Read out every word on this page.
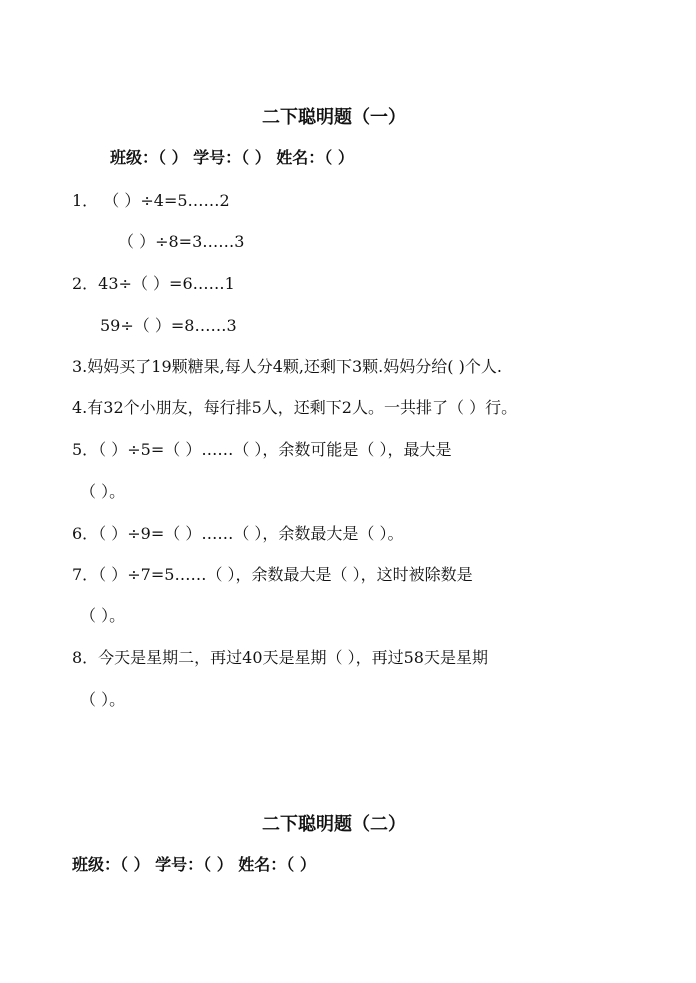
二下聪明题（一）
班级：（ ） 学号：（ ） 姓名：（ ）
1． （ ）÷4=5……2
（ ）÷8=3……3
2．43÷（ ）=6……1
59÷（ ）=8……3
3.妈妈买了19颗糖果,每人分4颗,还剩下3颗.妈妈分给( )个人.
4.有32个小朋友，每行排5人，还剩下2人。一共排了（ ）行。
5．（ ）÷5=（ ）……（ ），余数可能是（ ），最大是
（ ）。
6．（ ）÷9=（ ）……（ ），余数最大是（ ）。
7．（ ）÷7=5……（ ），余数最大是（ ），这时被除数是
（ ）。
8．今天是星期二，再过40天是星期（ ），再过58天是星期
（ ）。
二下聪明题（二）
班级：（ ） 学号：（ ） 姓名：（ ）
